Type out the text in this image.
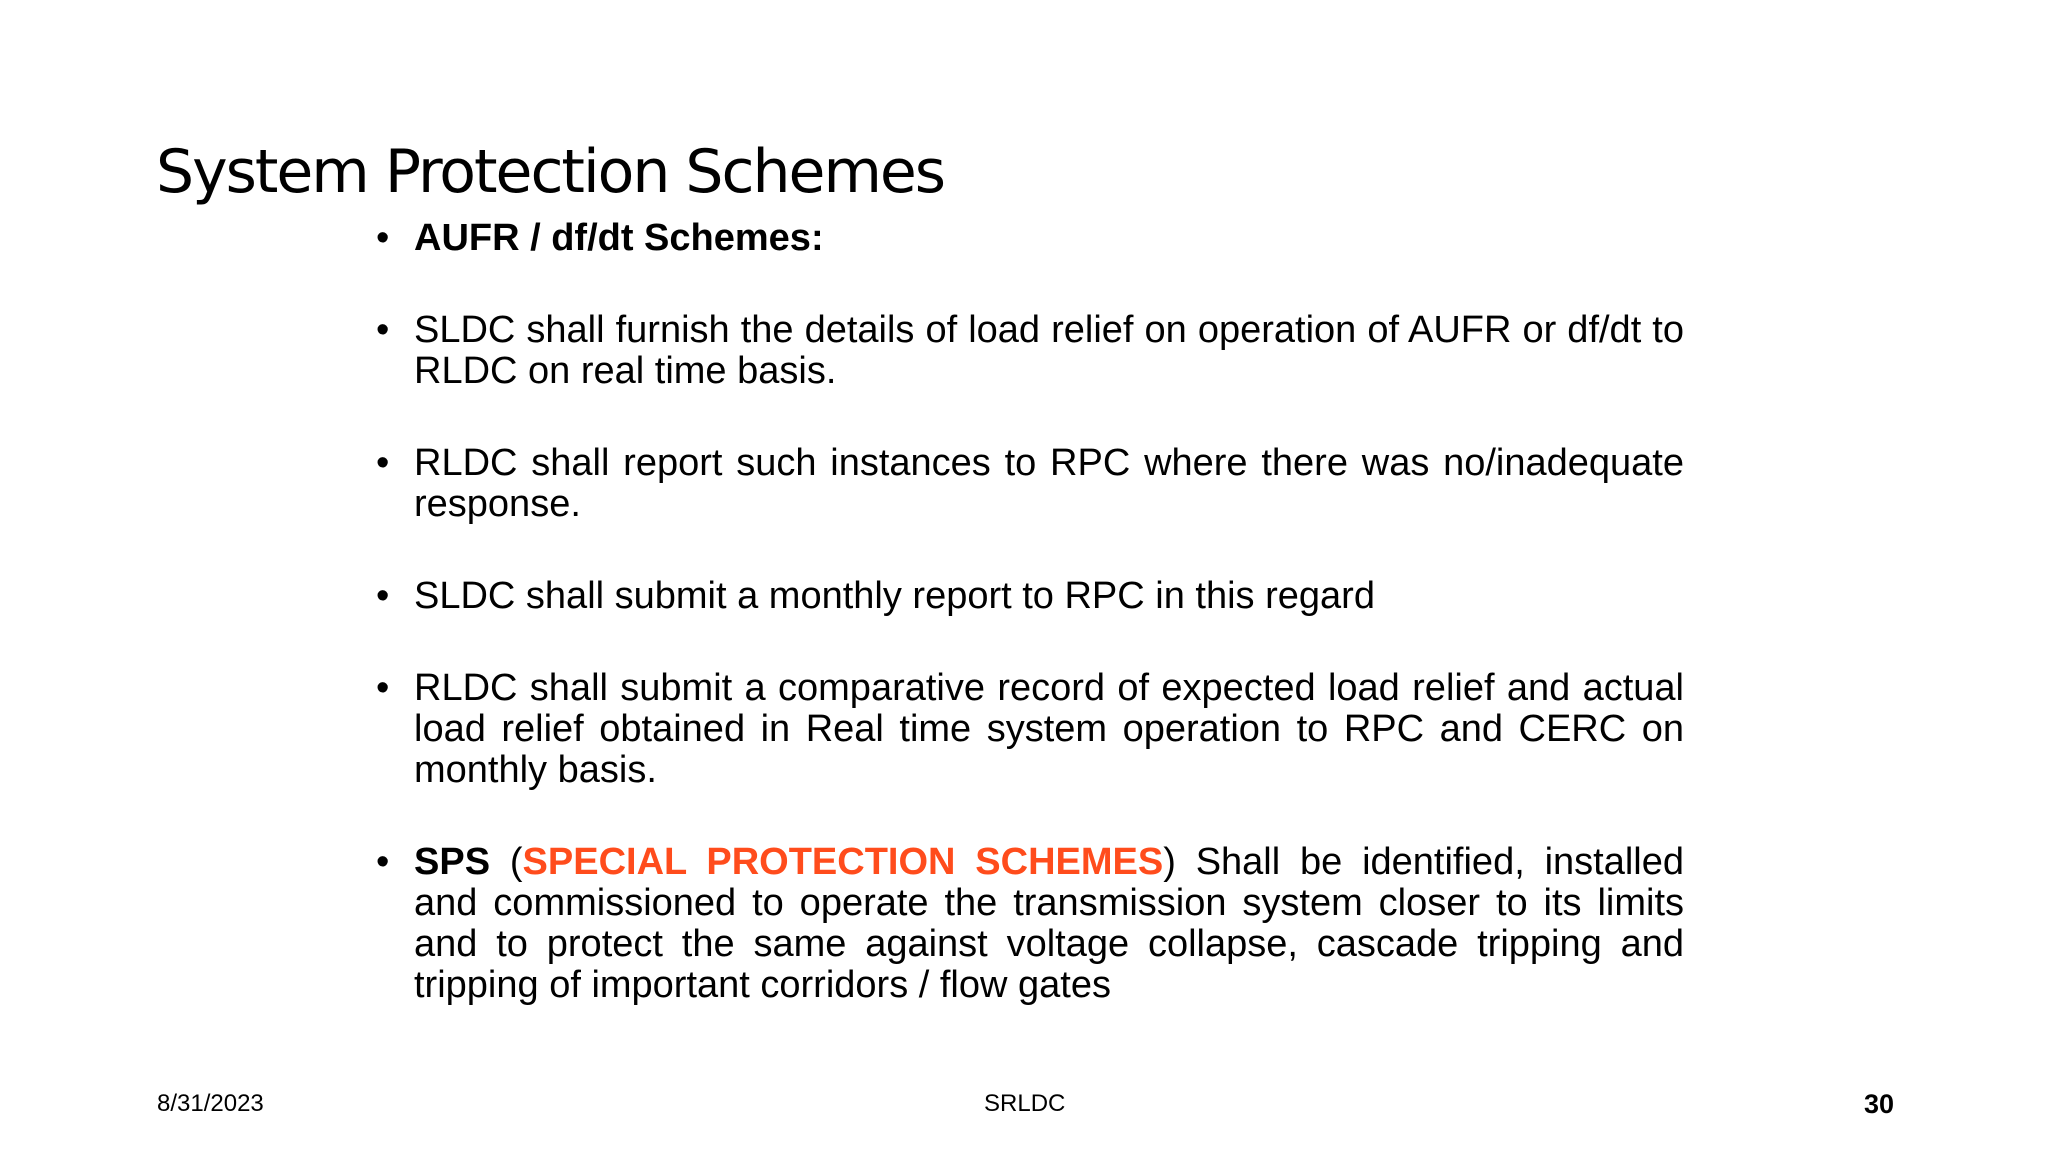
System Protection Schemes
• AUFR / df/dt Schemes:
• SLDC shall furnish the details of load relief on operation of AUFR or df/dt to RLDC on real time basis.
• RLDC shall report such instances to RPC where there was no/inadequate response.
• SLDC shall submit a monthly report to RPC in this regard
• RLDC shall submit a comparative record of expected load relief and actual load relief obtained in Real time system operation to RPC and CERC on monthly basis.
• SPS (SPECIAL PROTECTION SCHEMES) Shall be identified, installed and commissioned to operate the transmission system closer to its limits and to protect the same against voltage collapse, cascade tripping and tripping of important corridors / flow gates
8/31/2023	SRLDC	30
